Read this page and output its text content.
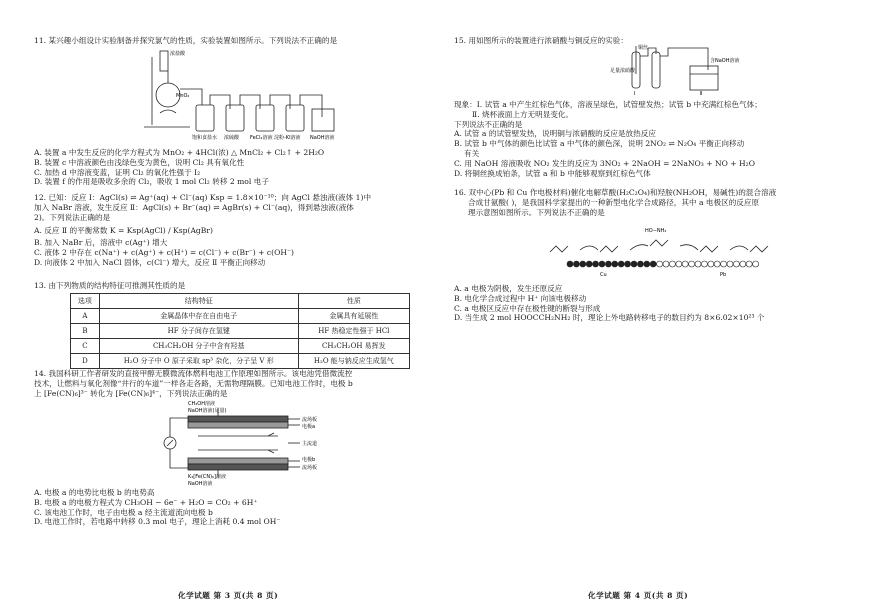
11. 某兴趣小组设计实验制备并探究氯气的性质，实验装置如图所示。下列说法不正确的是
浓盐酸
MnO₂
饱和食盐水 浓硫酸 FeCl₂溶液 淀粉-KI溶液 NaOH溶液
A. 装置 a 中发生反应的化学方程式为 MnO₂ + 4HCl(浓) △ MnCl₂ + Cl₂↑ + 2H₂O
B. 装置 c 中溶液颜色由浅绿色变为黄色，说明 Cl₂ 具有氧化性
C. 加热 d 中溶液变蓝，证明 Cl₂ 的氧化性强于 I₂
D. 装置 f 的作用是吸收多余的 Cl₂，吸收 1 mol Cl₂ 转移 2 mol 电子
12. 已知：反应 Ⅰ：AgCl(s) ⇌ Ag⁺(aq) + Cl⁻(aq) Ksp = 1.8×10⁻¹⁰；向 AgCl 悬浊液(液体 1)中
加入 NaBr 溶液，发生反应 Ⅱ：AgCl(s) + Br⁻(aq) ⇌ AgBr(s) + Cl⁻(aq)，得到悬浊液(液体
2)。下列说法正确的是
A. 反应 Ⅱ 的平衡常数 K = Ksp(AgCl) / Ksp(AgBr)
B. 加入 NaBr 后，溶液中 c(Ag⁺) 增大
C. 液体 2 中存在 c(Na⁺) + c(Ag⁺) + c(H⁺) = c(Cl⁻) + c(Br⁻) + c(OH⁻)
D. 向液体 2 中加入 NaCl 固体，c(Cl⁻) 增大，反应 Ⅱ 平衡正向移动
13. 由下列物质的结构特征可推测其性质的是
选项	结构特征	性质
A	金属晶体中存在自由电子	金属具有延展性
B	HF 分子间存在氢键	HF 热稳定性强于 HCl
C	CH₃CH₂OH 分子中含有羟基	CH₃CH₂OH 易挥发
D	H₂O 分子中 O 原子采取 sp³ 杂化，分子呈 V 形	H₂O 能与钠反应生成氢气
14. 我国科研工作者研发的直接甲醇无膜微流体燃料电池工作原理如图所示。该电池凭借微流控
技术，让燃料与氧化剂像“井行的车道”一样各走各路，无需物理隔膜。已知电池工作时，电极 b
上 [Fe(CN)₆]³⁻ 转化为 [Fe(CN)₆]⁴⁻，下列说法正确的是
CH₃OH溶液
NaOH溶液(足量)
K₃[Fe(CN)₆]溶液
NaOH溶液
流场板
电极a
主流道
电极b
流场板
A. 电极 a 的电势比电极 b 的电势高
B. 电极 a 的电极方程式为 CH₃OH − 6e⁻ + H₂O = CO₂ + 6H⁺
C. 该电池工作时，电子由电极 a 经主流道流向电极 b
D. 电池工作时，若电路中转移 0.3 mol 电子，理论上消耗 0.4 mol OH⁻
化学试题 第 3 页(共 8 页)
15. 用如图所示的装置进行浓硝酸与铜反应的实验：
铜丝
足量浓硝酸
含NaOH溶液
Ⅰ	Ⅱ
现象：Ⅰ. 试管 a 中产生红棕色气体，溶液呈绿色，试管壁发热；试管 b 中充满红棕色气体；
Ⅱ. 烧杯液面上方无明显变化。
下列说法不正确的是
A. 试管 a 的试管壁发热，说明铜与浓硝酸的反应是放热反应
B. 试管 b 中气体的颜色比试管 a 中气体的颜色深，说明 2NO₂ ⇌ N₂O₄ 平衡正向移动
有关
C. 用 NaOH 溶液吸收 NO₂ 发生的反应为 3NO₂ + 2NaOH = 2NaNO₃ + NO + H₂O
D. 将铜丝换成铂条，试管 a 和 b 中能够观察到红棕色气体
16. 双中心(Pb 和 Cu 作电极材料)催化电解草酸(H₂C₂O₄)和羟胺(NH₂OH，易碱性)的混合溶液
合成甘氨酸( )，是我国科学家提出的一种新型电化学合成路径，其中 a 电极区的反应原
理示意图如图所示。下列说法不正确的是
HO−NH₂
Cu	Pb
A. a 电极为阴极，发生还原反应
B. 电化学合成过程中 H⁺ 向该电极移动
C. a 电极区反应中存在极性键的断裂与形成
D. 当生成 2 mol HOOCCH₂NH₂ 时，理论上外电路转移电子的数目约为 8×6.02×10²³ 个
化学试题 第 4 页(共 8 页)
